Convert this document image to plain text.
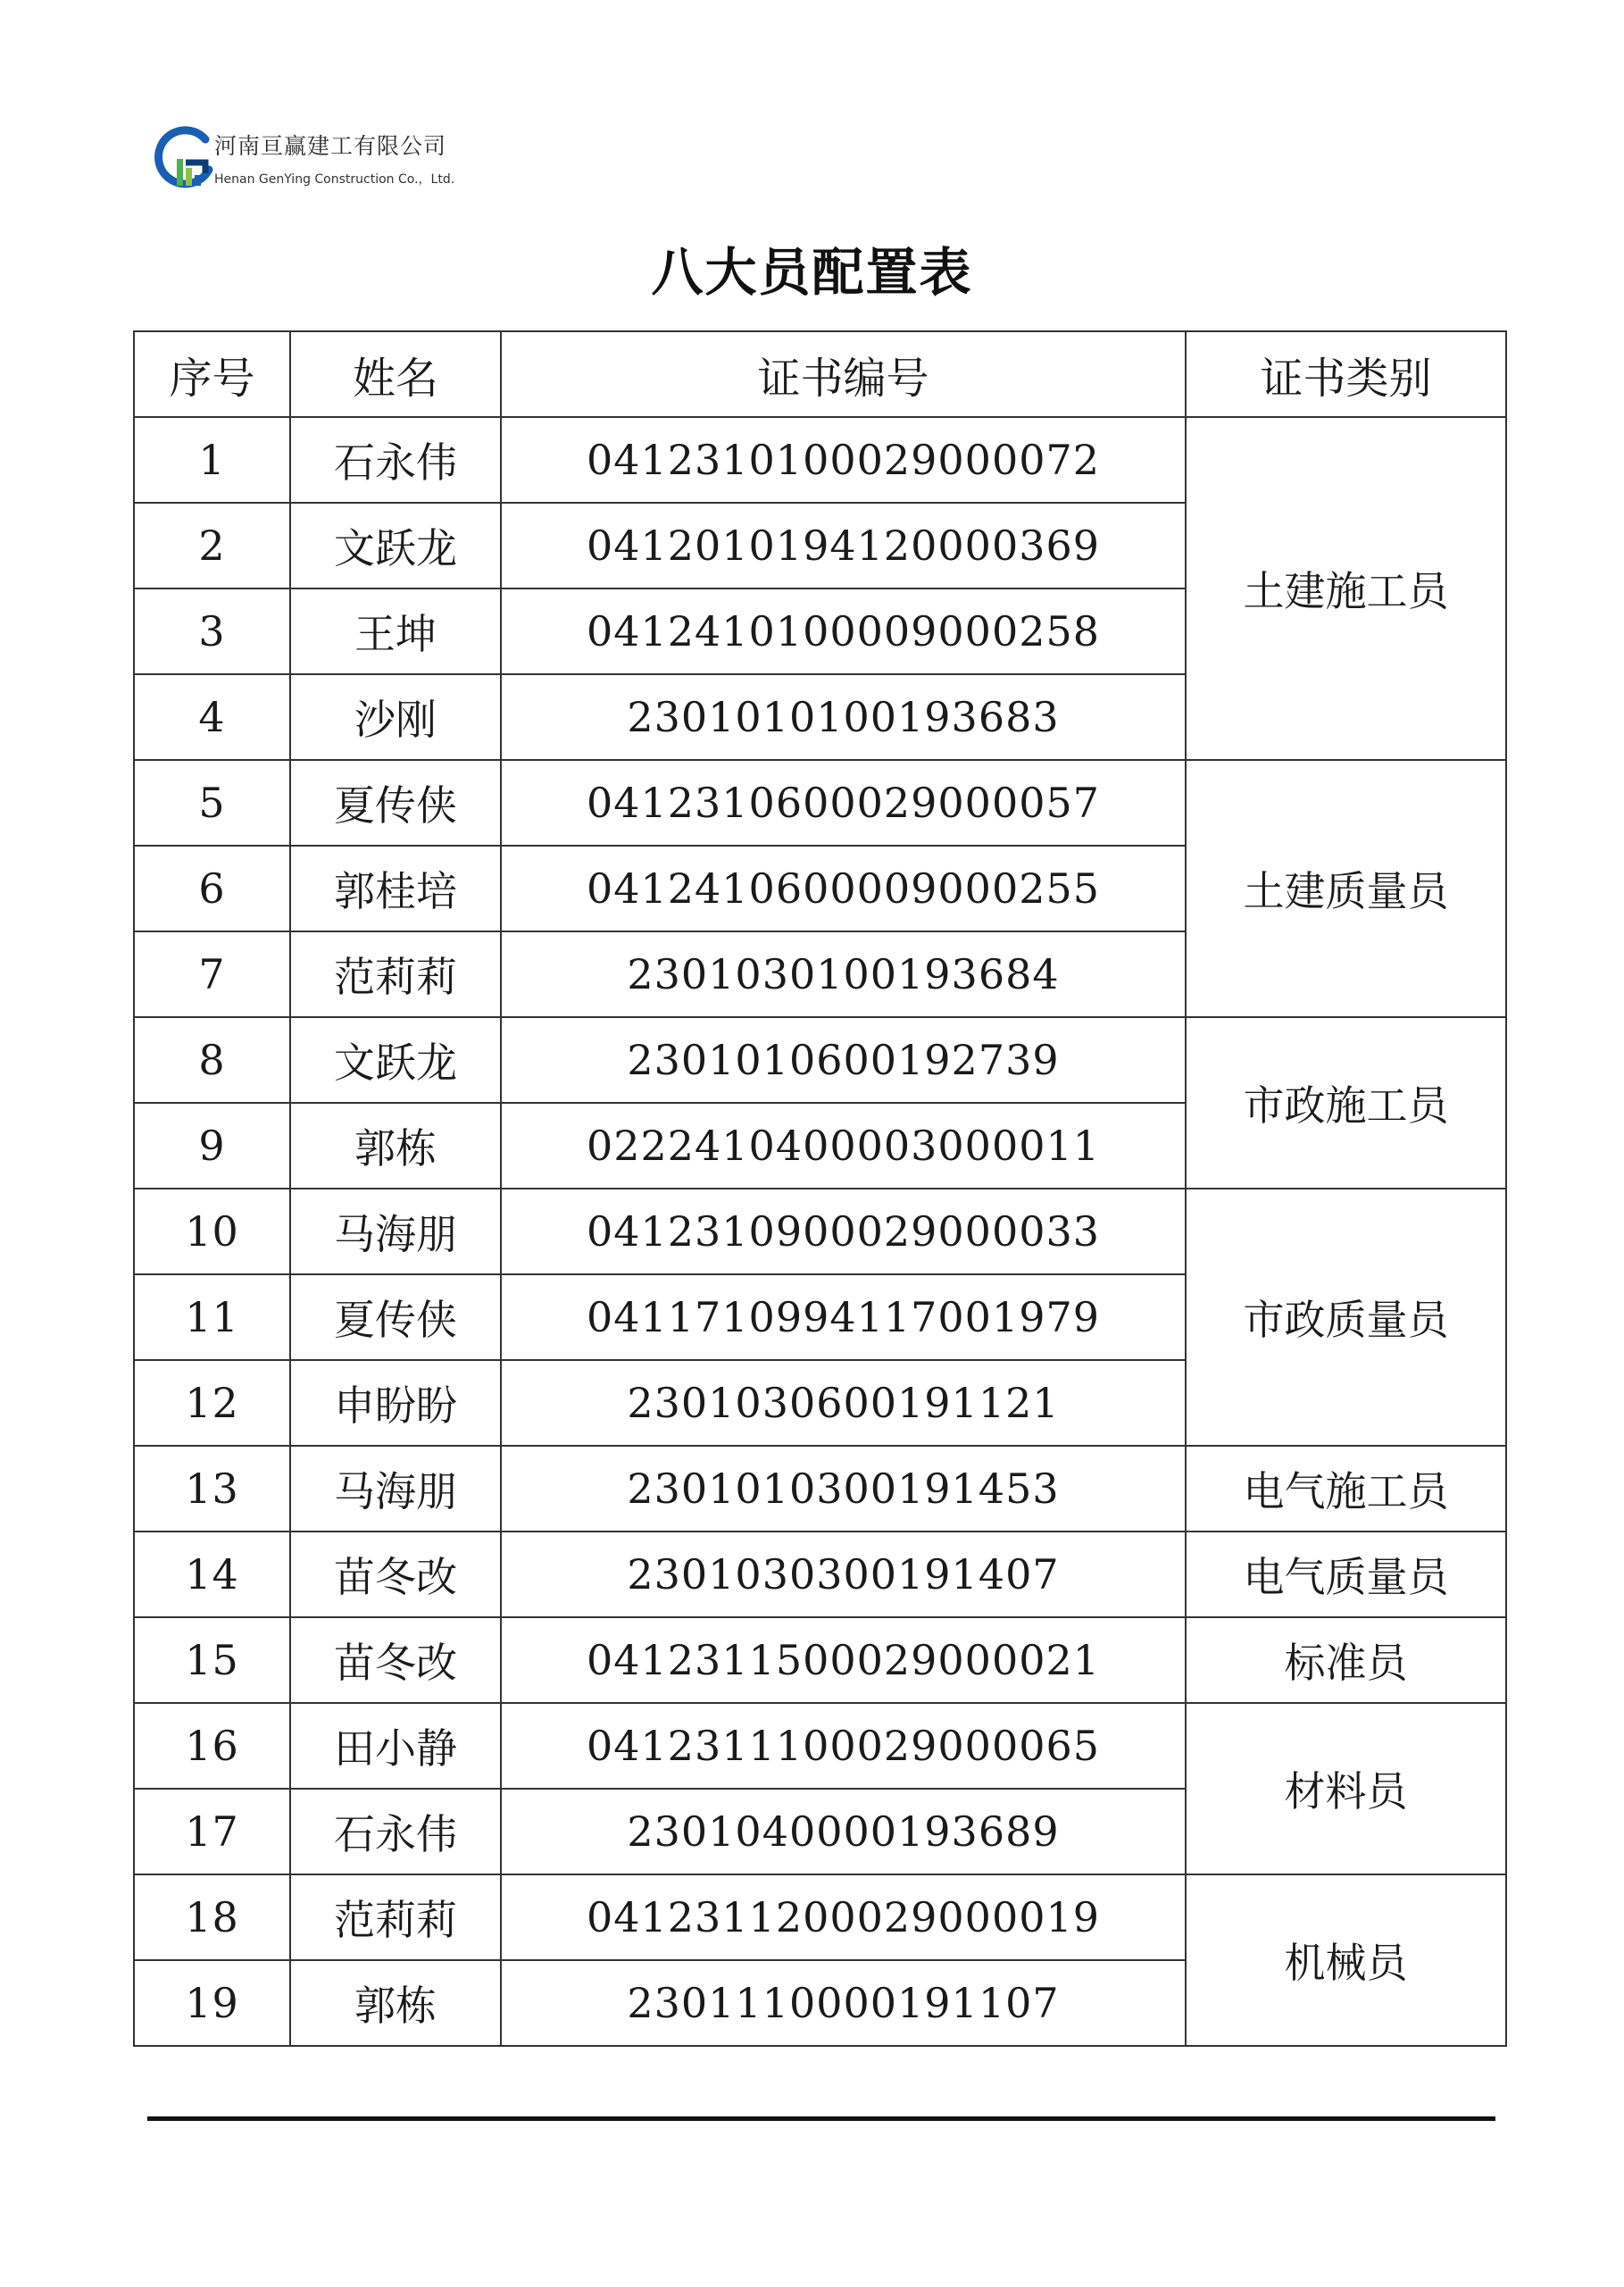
河南亘赢建工有限公司
Henan GenYing Construction Co.，Ltd.
八大员配置表
序号	姓名	证书编号	证书类别
1	石永伟	0412310100029000072	土建施工员
2	文跃龙	0412010194120000369	
3	王坤	0412410100009000258	
4	沙刚	2301010100193683	
5	夏传侠	0412310600029000057	土建质量员
6	郭桂培	0412410600009000255	
7	范莉莉	2301030100193684	
8	文跃龙	2301010600192739	市政施工员
9	郭栋	0222410400003000011	
10	马海朋	0412310900029000033	市政质量员
11	夏传侠	0411710994117001979	
12	申盼盼	2301030600191121	
13	马海朋	2301010300191453	电气施工员
14	苗冬改	2301030300191407	电气质量员
15	苗冬改	0412311500029000021	标准员
16	田小静	0412311100029000065	材料员
17	石永伟	2301040000193689	
18	范莉莉	0412311200029000019	机械员
19	郭栋	2301110000191107	
